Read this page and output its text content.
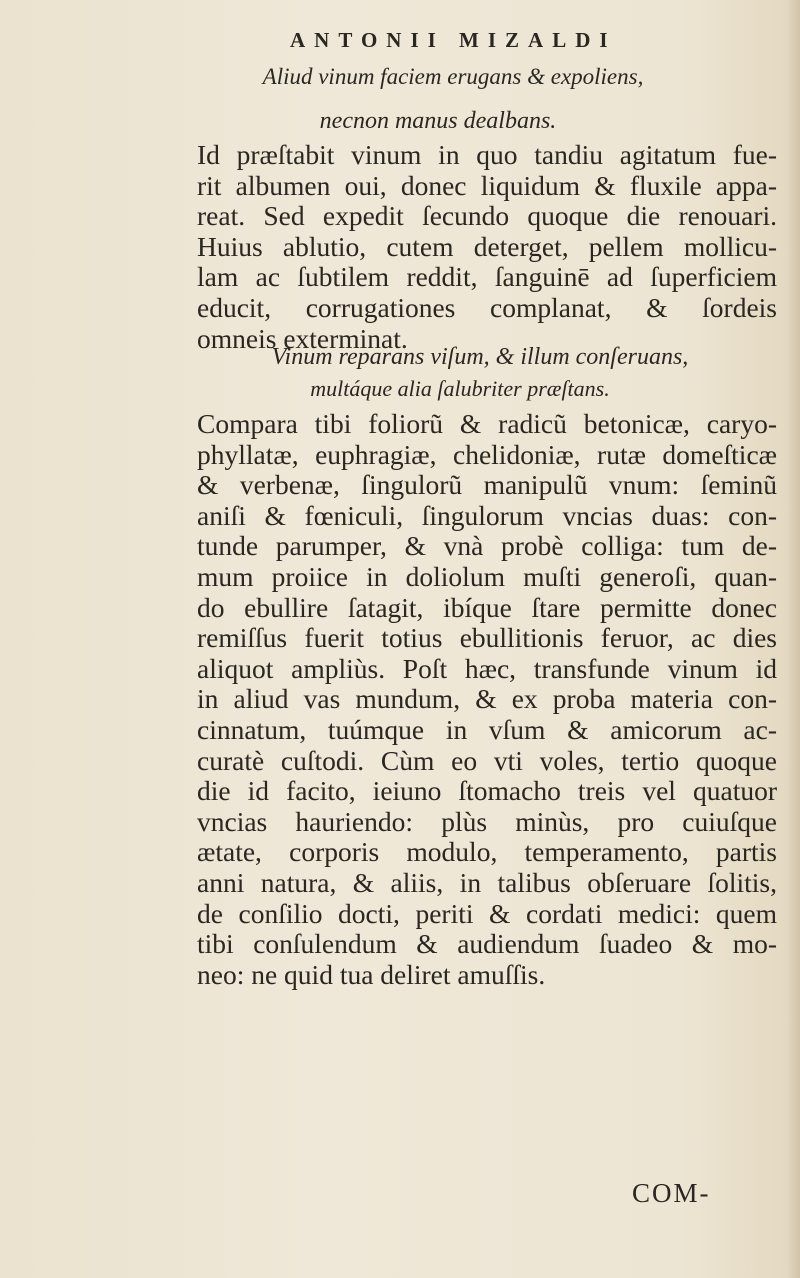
ANTONII MIZALDI
Aliud vinum faciem erugans & expoliens,
necnon manus dealbans.
Id præſtabit vinum in quo tandiu agitatum fue-
rit albumen oui, donec liquidum & fluxile appa-
reat. Sed expedit ſecundo quoque die renouari.
Huius ablutio, cutem deterget, pellem mollicu-
lam ac ſubtilem reddit, ſanguinē ad ſuperficiem
educit, corrugationes complanat, & ſordeis
omneis exterminat.
Vinum reparans viſum, & illum conſeruans,
multáque alia ſalubriter præſtans.
Compara tibi foliorũ & radicũ betonicæ, caryo-
phyllatæ, euphragiæ, chelidoniæ, rutæ domeſticæ
& verbenæ, ſingulorũ manipulũ vnum: ſeminũ
aniſi & fœniculi, ſingulorum vncias duas: con-
tunde parumper, & vnà probè colliga: tum de-
mum proiice in doliolum muſti generoſi, quan-
do ebullire ſatagit, ibíque ſtare permitte donec
remiſſus fuerit totius ebullitionis feruor, ac dies
aliquot ampliùs. Poſt hæc, transfunde vinum id
in aliud vas mundum, & ex proba materia con-
cinnatum, tuúmque in vſum & amicorum ac-
curatè cuſtodi. Cùm eo vti voles, tertio quoque
die id facito, ieiuno ſtomacho treis vel quatuor
vncias hauriendo: plùs minùs, pro cuiuſque
ætate, corporis modulo, temperamento, partis
anni natura, & aliis, in talibus obſeruare ſolitis,
de conſilio docti, periti & cordati medici: quem
tibi conſulendum & audiendum ſuadeo & mo-
neo: ne quid tua deliret amuſſis.
COM-
